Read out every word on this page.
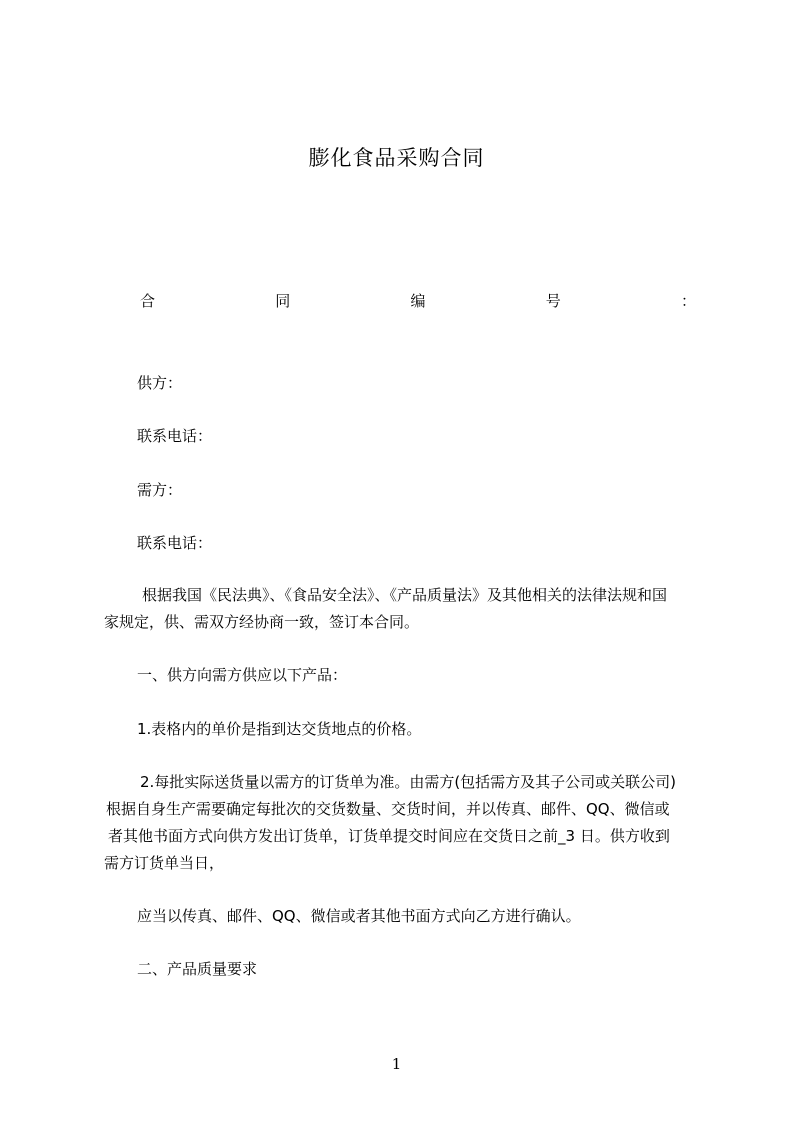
膨化食品采购合同
合	同	编	号	：
供方：
联系电话：
需方：
联系电话：
根据我国《民法典》、《食品安全法》、《产品质量法》及其他相关的法律法规和国
家规定，供、需双方经协商一致，签订本合同。
一、供方向需方供应以下产品：
1.表格内的单价是指到达交货地点的价格。
2.每批实际送货量以需方的订货单为准。由需方(包括需方及其子公司或关联公司)
根据自身生产需要确定每批次的交货数量、交货时间，并以传真、邮件、QQ、微信或
者其他书面方式向供方发出订货单，订货单提交时间应在交货日之前_3 日。供方收到
需方订货单当日，
应当以传真、邮件、QQ、微信或者其他书面方式向乙方进行确认。
二、产品质量要求
1
